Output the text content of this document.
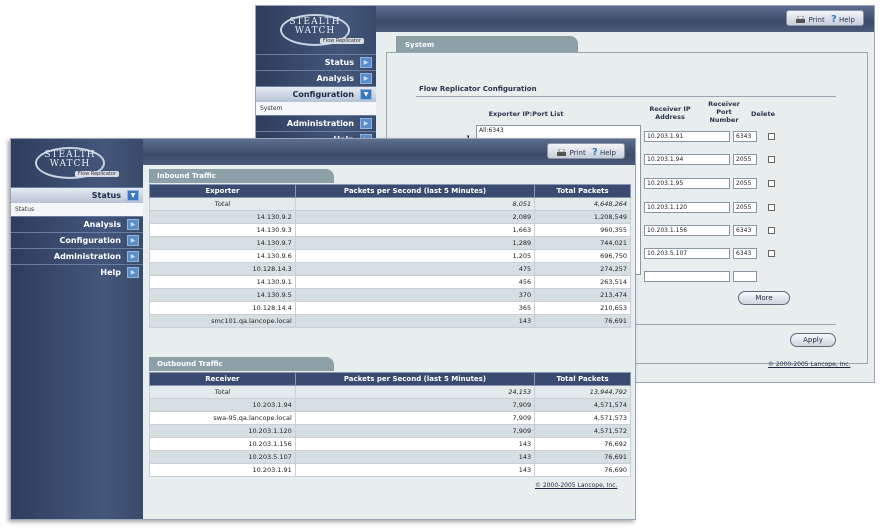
Print ? Help
STEALTH
WATCH
Flow Replicator
Status	▶
Analysis	▶
Configuration	▼
System
Administration	▶
System
Flow Replicator Configuration
Exporter IP:Port List
Receiver IP Address
Receiver Port Number
Delete
All:6343
10.203.1.91	6343
10.203.1.94	2055
10.203.1.95	2055
10.203.1.120	2055
10.203.1.156	6343
10.203.5.107	6343
More
Apply
© 2000-2005 Lancope, Inc.
Print ? Help
STEALTH
WATCH
Flow Replicator
Status	▼
Status
Analysis	▶
Configuration	▶
Administration	▶
Help	▶
Inbound Traffic
Exporter	Packets per Second (last 5 Minutes)	Total Packets
Total	8,051	4,648,264
14.130.9.2	2,089	1,208,549
14.130.9.3	1,663	960,355
14.130.9.7	1,289	744,021
14.130.9.6	1,205	696,750
10.128.14.3	475	274,257
14.130.9.1	456	263,514
14.130.9.5	370	213,474
10.128.14.4	365	210,653
smc101.qa.lancope.local	143	76,691
Outbound Traffic
Receiver	Packets per Second (last 5 Minutes)	Total Packets
Total	24,153	13,944,792
10.203.1.94	7,909	4,571,574
swa-95.qa.lancope.local	7,909	4,571,573
10.203.1.120	7,909	4,571,572
10.203.1.156	143	76,692
10.203.5.107	143	76,691
10.203.1.91	143	76,690
© 2000-2005 Lancope, Inc.
